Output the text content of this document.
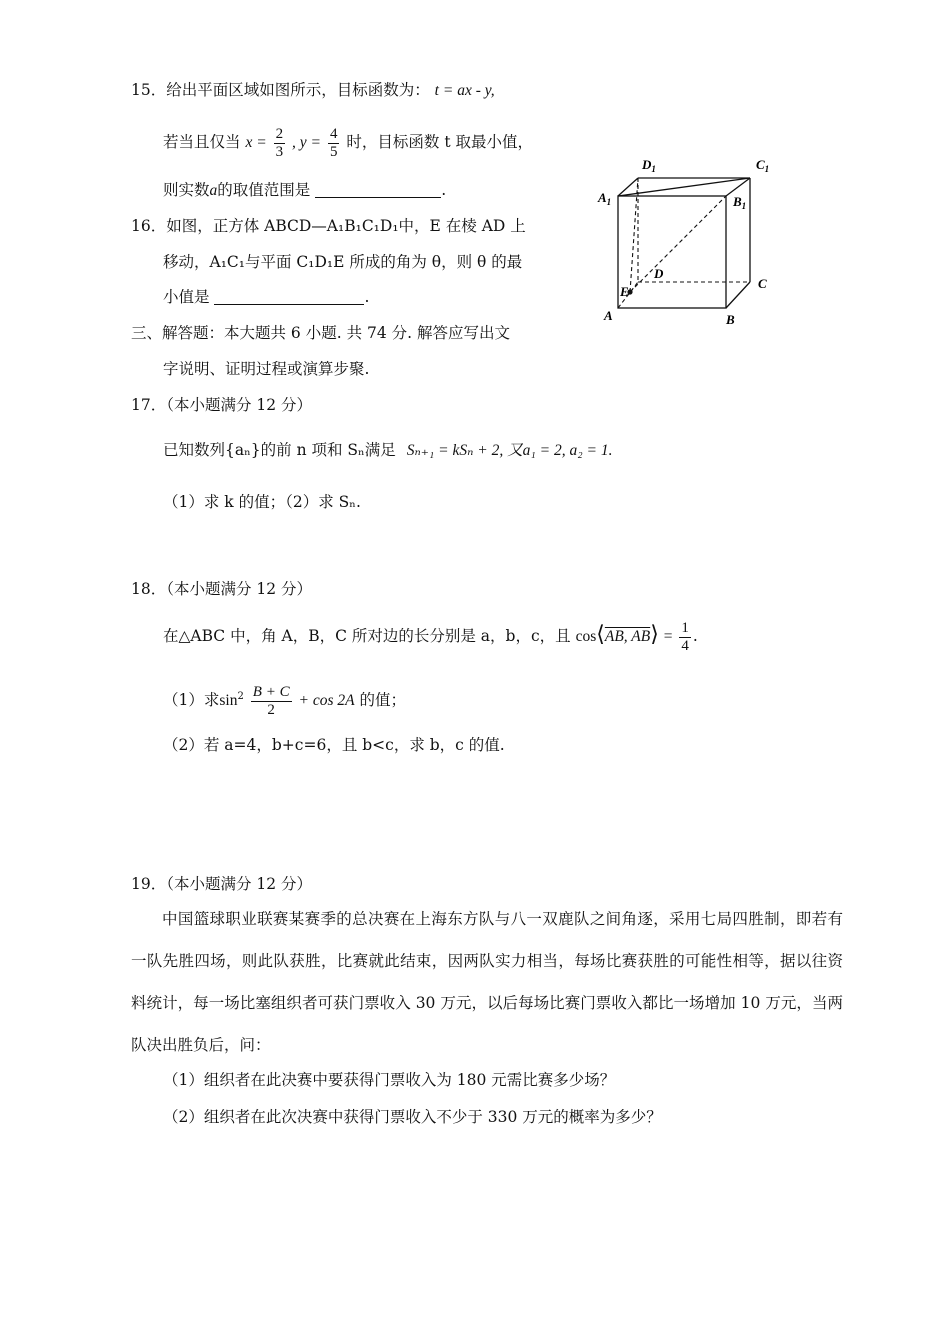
15．给出平面区域如图所示，目标函数为： t = ax - y,
若当且仅当 $x = \frac{2}{3}$ , $y = \frac{4}{5}$ 时，目标函数 t 取最小值，
则实数a的取值范围是	.
16．如图，正方体 ABCD—A₁B₁C₁D₁中，E 在棱 AD 上
移动，A₁C₁与平面 C₁D₁E 所成的角为 θ，则 θ 的最
小值是	.
三、解答题：本大题共 6 小题. 共 74 分. 解答应写出文
字说明、证明过程或演算步聚.
$D_1$	$C_1$
$A_1$	$B_1$
D
C
E
A	B
17．（本小题满分 12 分）
已知数列{aₙ}的前 n 项和 Sₙ满足 Sₙ₊₁ = kSₙ + 2, 又a₁ = 2, a₂ = 1.
（1）求 k 的值；（2）求 Sₙ.
18．（本小题满分 12 分）
在△ABC 中，角 A，B，C 所对边的长分别是 a，b，c，且 cos⟨AB, AB⟩ = $\frac{1}{4}$ .
（1）求$\sin^2 \frac{B + C}{2} + \cos 2A$ 的值；
（2）若 a=4，b+c=6，且 b<c，求 b，c 的值.
19．（本小题满分 12 分）
中国篮球职业联赛某赛季的总决赛在上海东方队与八一双鹿队之间角逐，采用七局四胜制，即若有一队先胜四场，则此队获胜，比赛就此结束，因两队实力相当，每场比赛获胜的可能性相等，据以往资料统计，每一场比塞组织者可获门票收入 30 万元，以后每场比赛门票收入都比一场增加 10 万元，当两队决出胜负后，问：
（1）组织者在此决赛中要获得门票收入为 180 元需比赛多少场？
（2）组织者在此次决赛中获得门票收入不少于 330 万元的概率为多少？
